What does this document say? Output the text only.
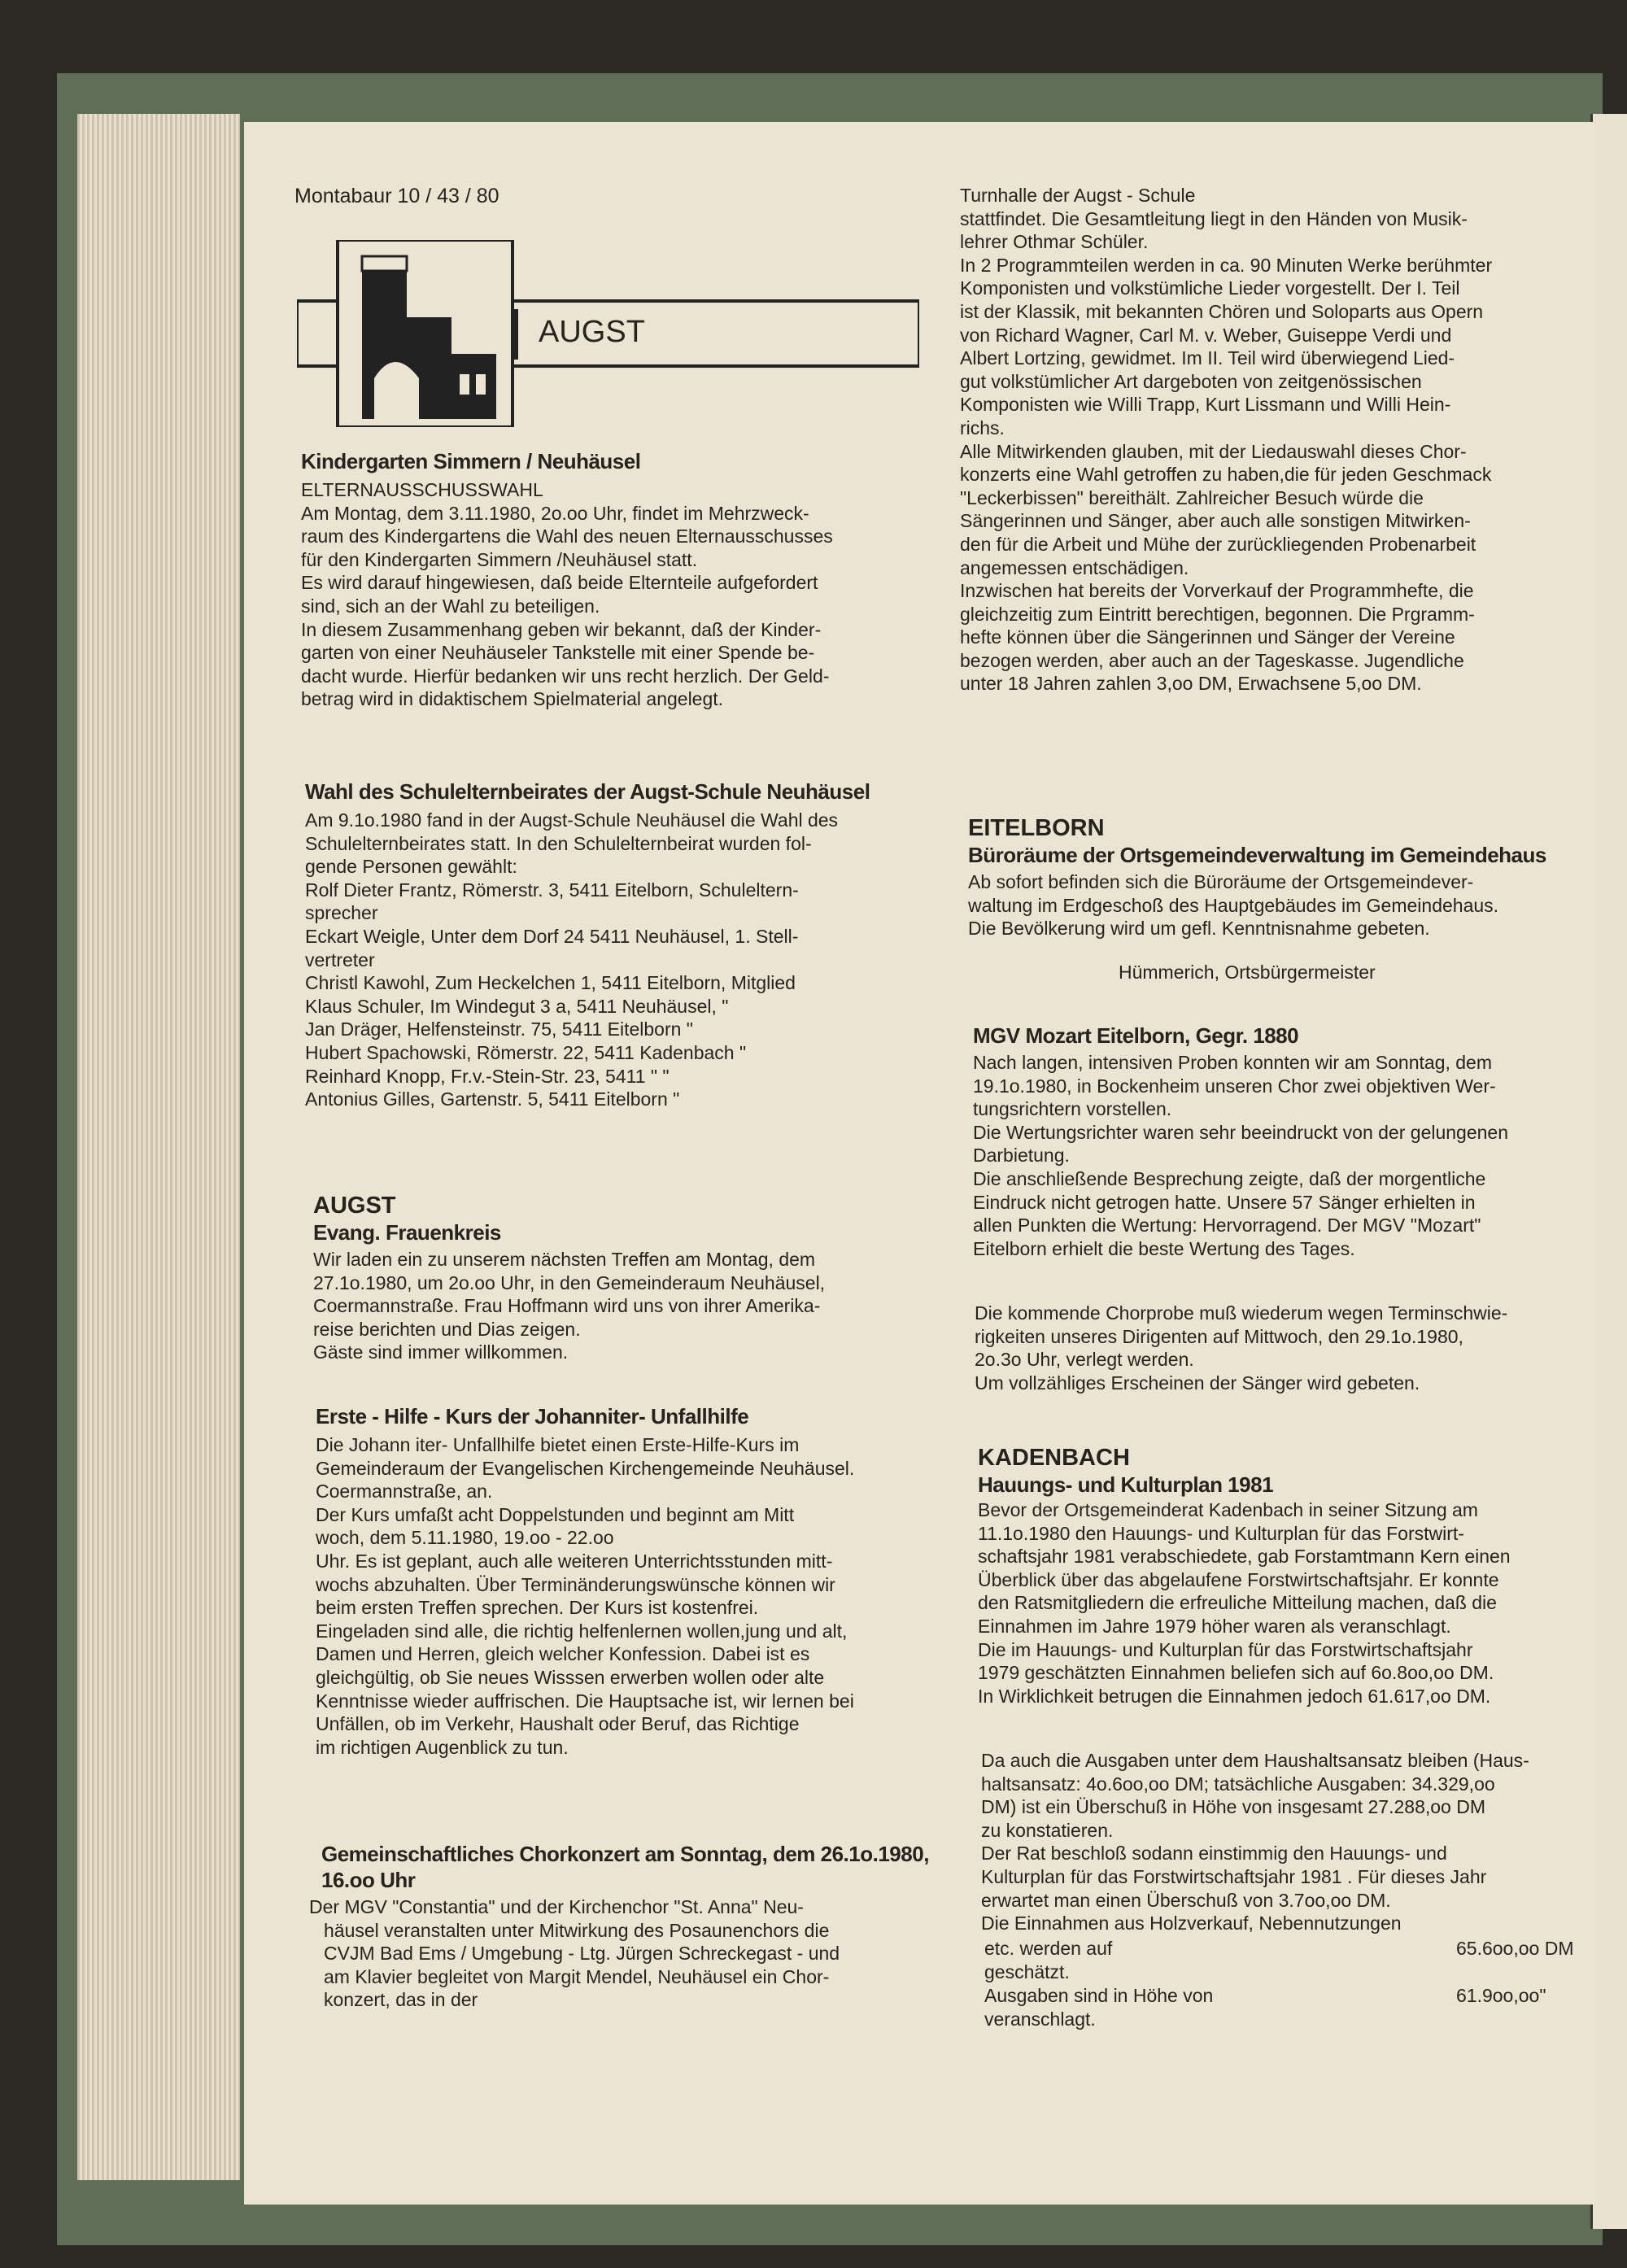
Montabaur 10 / 43 / 80
AUGST
Kindergarten Simmern / Neuhäusel
ELTERNAUSSCHUSSWAHL
Am Montag, dem 3.11.1980, 2o.oo Uhr, findet im Mehrzweck-
raum des Kindergartens die Wahl des neuen Elternausschusses
für den Kindergarten Simmern /Neuhäusel statt.
Es wird darauf hingewiesen, daß beide Elternteile aufgefordert
sind, sich an der Wahl zu beteiligen.
In diesem Zusammenhang geben wir bekannt, daß der Kinder-
garten von einer Neuhäuseler Tankstelle mit einer Spende be-
dacht wurde. Hierfür bedanken wir uns recht herzlich. Der Geld-
betrag wird in didaktischem Spielmaterial angelegt.
Wahl des Schulelternbeirates der Augst-Schule Neuhäusel
Am 9.1o.1980 fand in der Augst-Schule Neuhäusel die Wahl des
Schulelternbeirates statt. In den Schulelternbeirat wurden fol-
gende Personen gewählt:
Rolf Dieter Frantz, Römerstr. 3, 5411 Eitelborn, Schuleltern-
sprecher
Eckart Weigle, Unter dem Dorf 24 5411 Neuhäusel, 1. Stell-
vertreter
Christl Kawohl, Zum Heckelchen 1, 5411 Eitelborn, Mitglied
Klaus Schuler, Im Windegut 3 a, 5411 Neuhäusel, "
Jan Dräger, Helfensteinstr. 75, 5411 Eitelborn "
Hubert Spachowski, Römerstr. 22, 5411 Kadenbach "
Reinhard Knopp, Fr.v.-Stein-Str. 23, 5411 " "
Antonius Gilles, Gartenstr. 5, 5411 Eitelborn "
AUGST
Evang. Frauenkreis
Wir laden ein zu unserem nächsten Treffen am Montag, dem
27.1o.1980, um 2o.oo Uhr, in den Gemeinderaum Neuhäusel,
Coermannstraße. Frau Hoffmann wird uns von ihrer Amerika-
reise berichten und Dias zeigen.
Gäste sind immer willkommen.
Erste - Hilfe - Kurs der Johanniter- Unfallhilfe
Die Johann iter- Unfallhilfe bietet einen Erste-Hilfe-Kurs im
Gemeinderaum der Evangelischen Kirchengemeinde Neuhäusel.
Coermannstraße, an.
Der Kurs umfaßt acht Doppelstunden und beginnt am Mitt
woch, dem 5.11.1980, 19.oo - 22.oo
Uhr. Es ist geplant, auch alle weiteren Unterrichtsstunden mitt-
wochs abzuhalten. Über Terminänderungswünsche können wir
beim ersten Treffen sprechen. Der Kurs ist kostenfrei.
Eingeladen sind alle, die richtig helfenlernen wollen,jung und alt,
Damen und Herren, gleich welcher Konfession. Dabei ist es
gleichgültig, ob Sie neues Wisssen erwerben wollen oder alte
Kenntnisse wieder auffrischen. Die Hauptsache ist, wir lernen bei
Unfällen, ob im Verkehr, Haushalt oder Beruf, das Richtige
im richtigen Augenblick zu tun.
Gemeinschaftliches Chorkonzert am Sonntag, dem 26.1o.1980,
16.oo Uhr
Der MGV "Constantia" und der Kirchenchor "St. Anna" Neu-
häusel veranstalten unter Mitwirkung des Posaunenchors die
CVJM Bad Ems / Umgebung - Ltg. Jürgen Schreckegast - und
am Klavier begleitet von Margit Mendel, Neuhäusel ein Chor-
konzert, das in der
Turnhalle der Augst - Schule
stattfindet. Die Gesamtleitung liegt in den Händen von Musik-
lehrer Othmar Schüler.
In 2 Programmteilen werden in ca. 90 Minuten Werke berühmter
Komponisten und volkstümliche Lieder vorgestellt. Der I. Teil
ist der Klassik, mit bekannten Chören und Soloparts aus Opern
von Richard Wagner, Carl M. v. Weber, Guiseppe Verdi und
Albert Lortzing, gewidmet. Im II. Teil wird überwiegend Lied-
gut volkstümlicher Art dargeboten von zeitgenössischen
Komponisten wie Willi Trapp, Kurt Lissmann und Willi Hein-
richs.
Alle Mitwirkenden glauben, mit der Liedauswahl dieses Chor-
konzerts eine Wahl getroffen zu haben,die für jeden Geschmack
"Leckerbissen" bereithält. Zahlreicher Besuch würde die
Sängerinnen und Sänger, aber auch alle sonstigen Mitwirken-
den für die Arbeit und Mühe der zurückliegenden Probenarbeit
angemessen entschädigen.
Inzwischen hat bereits der Vorverkauf der Programmhefte, die
gleichzeitig zum Eintritt berechtigen, begonnen. Die Prgramm-
hefte können über die Sängerinnen und Sänger der Vereine
bezogen werden, aber auch an der Tageskasse. Jugendliche
unter 18 Jahren zahlen 3,oo DM, Erwachsene 5,oo DM.
EITELBORN
Büroräume der Ortsgemeindeverwaltung im Gemeindehaus
Ab sofort befinden sich die Büroräume der Ortsgemeindever-
waltung im Erdgeschoß des Hauptgebäudes im Gemeindehaus.
Die Bevölkerung wird um gefl. Kenntnisnahme gebeten.
Hümmerich, Ortsbürgermeister
MGV Mozart Eitelborn, Gegr. 1880
Nach langen, intensiven Proben konnten wir am Sonntag, dem
19.1o.1980, in Bockenheim unseren Chor zwei objektiven Wer-
tungsrichtern vorstellen.
Die Wertungsrichter waren sehr beeindruckt von der gelungenen
Darbietung.
Die anschließende Besprechung zeigte, daß der morgentliche
Eindruck nicht getrogen hatte. Unsere 57 Sänger erhielten in
allen Punkten die Wertung: Hervorragend. Der MGV "Mozart"
Eitelborn erhielt die beste Wertung des Tages.
Die kommende Chorprobe muß wiederum wegen Terminschwie-
rigkeiten unseres Dirigenten auf Mittwoch, den 29.1o.1980,
2o.3o Uhr, verlegt werden.
Um vollzähliges Erscheinen der Sänger wird gebeten.
KADENBACH
Hauungs- und Kulturplan 1981
Bevor der Ortsgemeinderat Kadenbach in seiner Sitzung am
11.1o.1980 den Hauungs- und Kulturplan für das Forstwirt-
schaftsjahr 1981 verabschiedete, gab Forstamtmann Kern einen
Überblick über das abgelaufene Forstwirtschaftsjahr. Er konnte
den Ratsmitgliedern die erfreuliche Mitteilung machen, daß die
Einnahmen im Jahre 1979 höher waren als veranschlagt.
Die im Hauungs- und Kulturplan für das Forstwirtschaftsjahr
1979 geschätzten Einnahmen beliefen sich auf 6o.8oo,oo DM.
In Wirklichkeit betrugen die Einnahmen jedoch 61.617,oo DM.
Da auch die Ausgaben unter dem Haushaltsansatz bleiben (Haus-
haltsansatz: 4o.6oo,oo DM; tatsächliche Ausgaben: 34.329,oo
DM) ist ein Überschuß in Höhe von insgesamt 27.288,oo DM
zu konstatieren.
Der Rat beschloß sodann einstimmig den Hauungs- und
Kulturplan für das Forstwirtschaftsjahr 1981 . Für dieses Jahr
erwartet man einen Überschuß von 3.7oo,oo DM.
Die Einnahmen aus Holzverkauf, Nebennutzungen
etc. werden auf	65.6oo,oo DM
geschätzt.
Ausgaben sind in Höhe von	61.9oo,oo"
veranschlagt.
